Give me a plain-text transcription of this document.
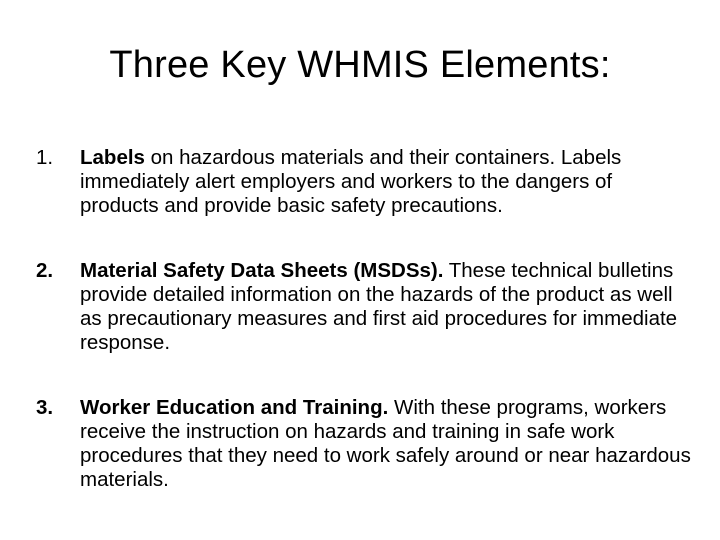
Three Key WHMIS Elements:
1. Labels on hazardous materials and their containers. Labels immediately alert employers and workers to the dangers of products and provide basic safety precautions.
2. Material Safety Data Sheets (MSDSs). These technical bulletins provide detailed information on the hazards of the product as well as precautionary measures and first aid procedures for immediate response.
3. Worker Education and Training. With these programs, workers receive the instruction on hazards and training in safe work procedures that they need to work safely around or near hazardous materials.
